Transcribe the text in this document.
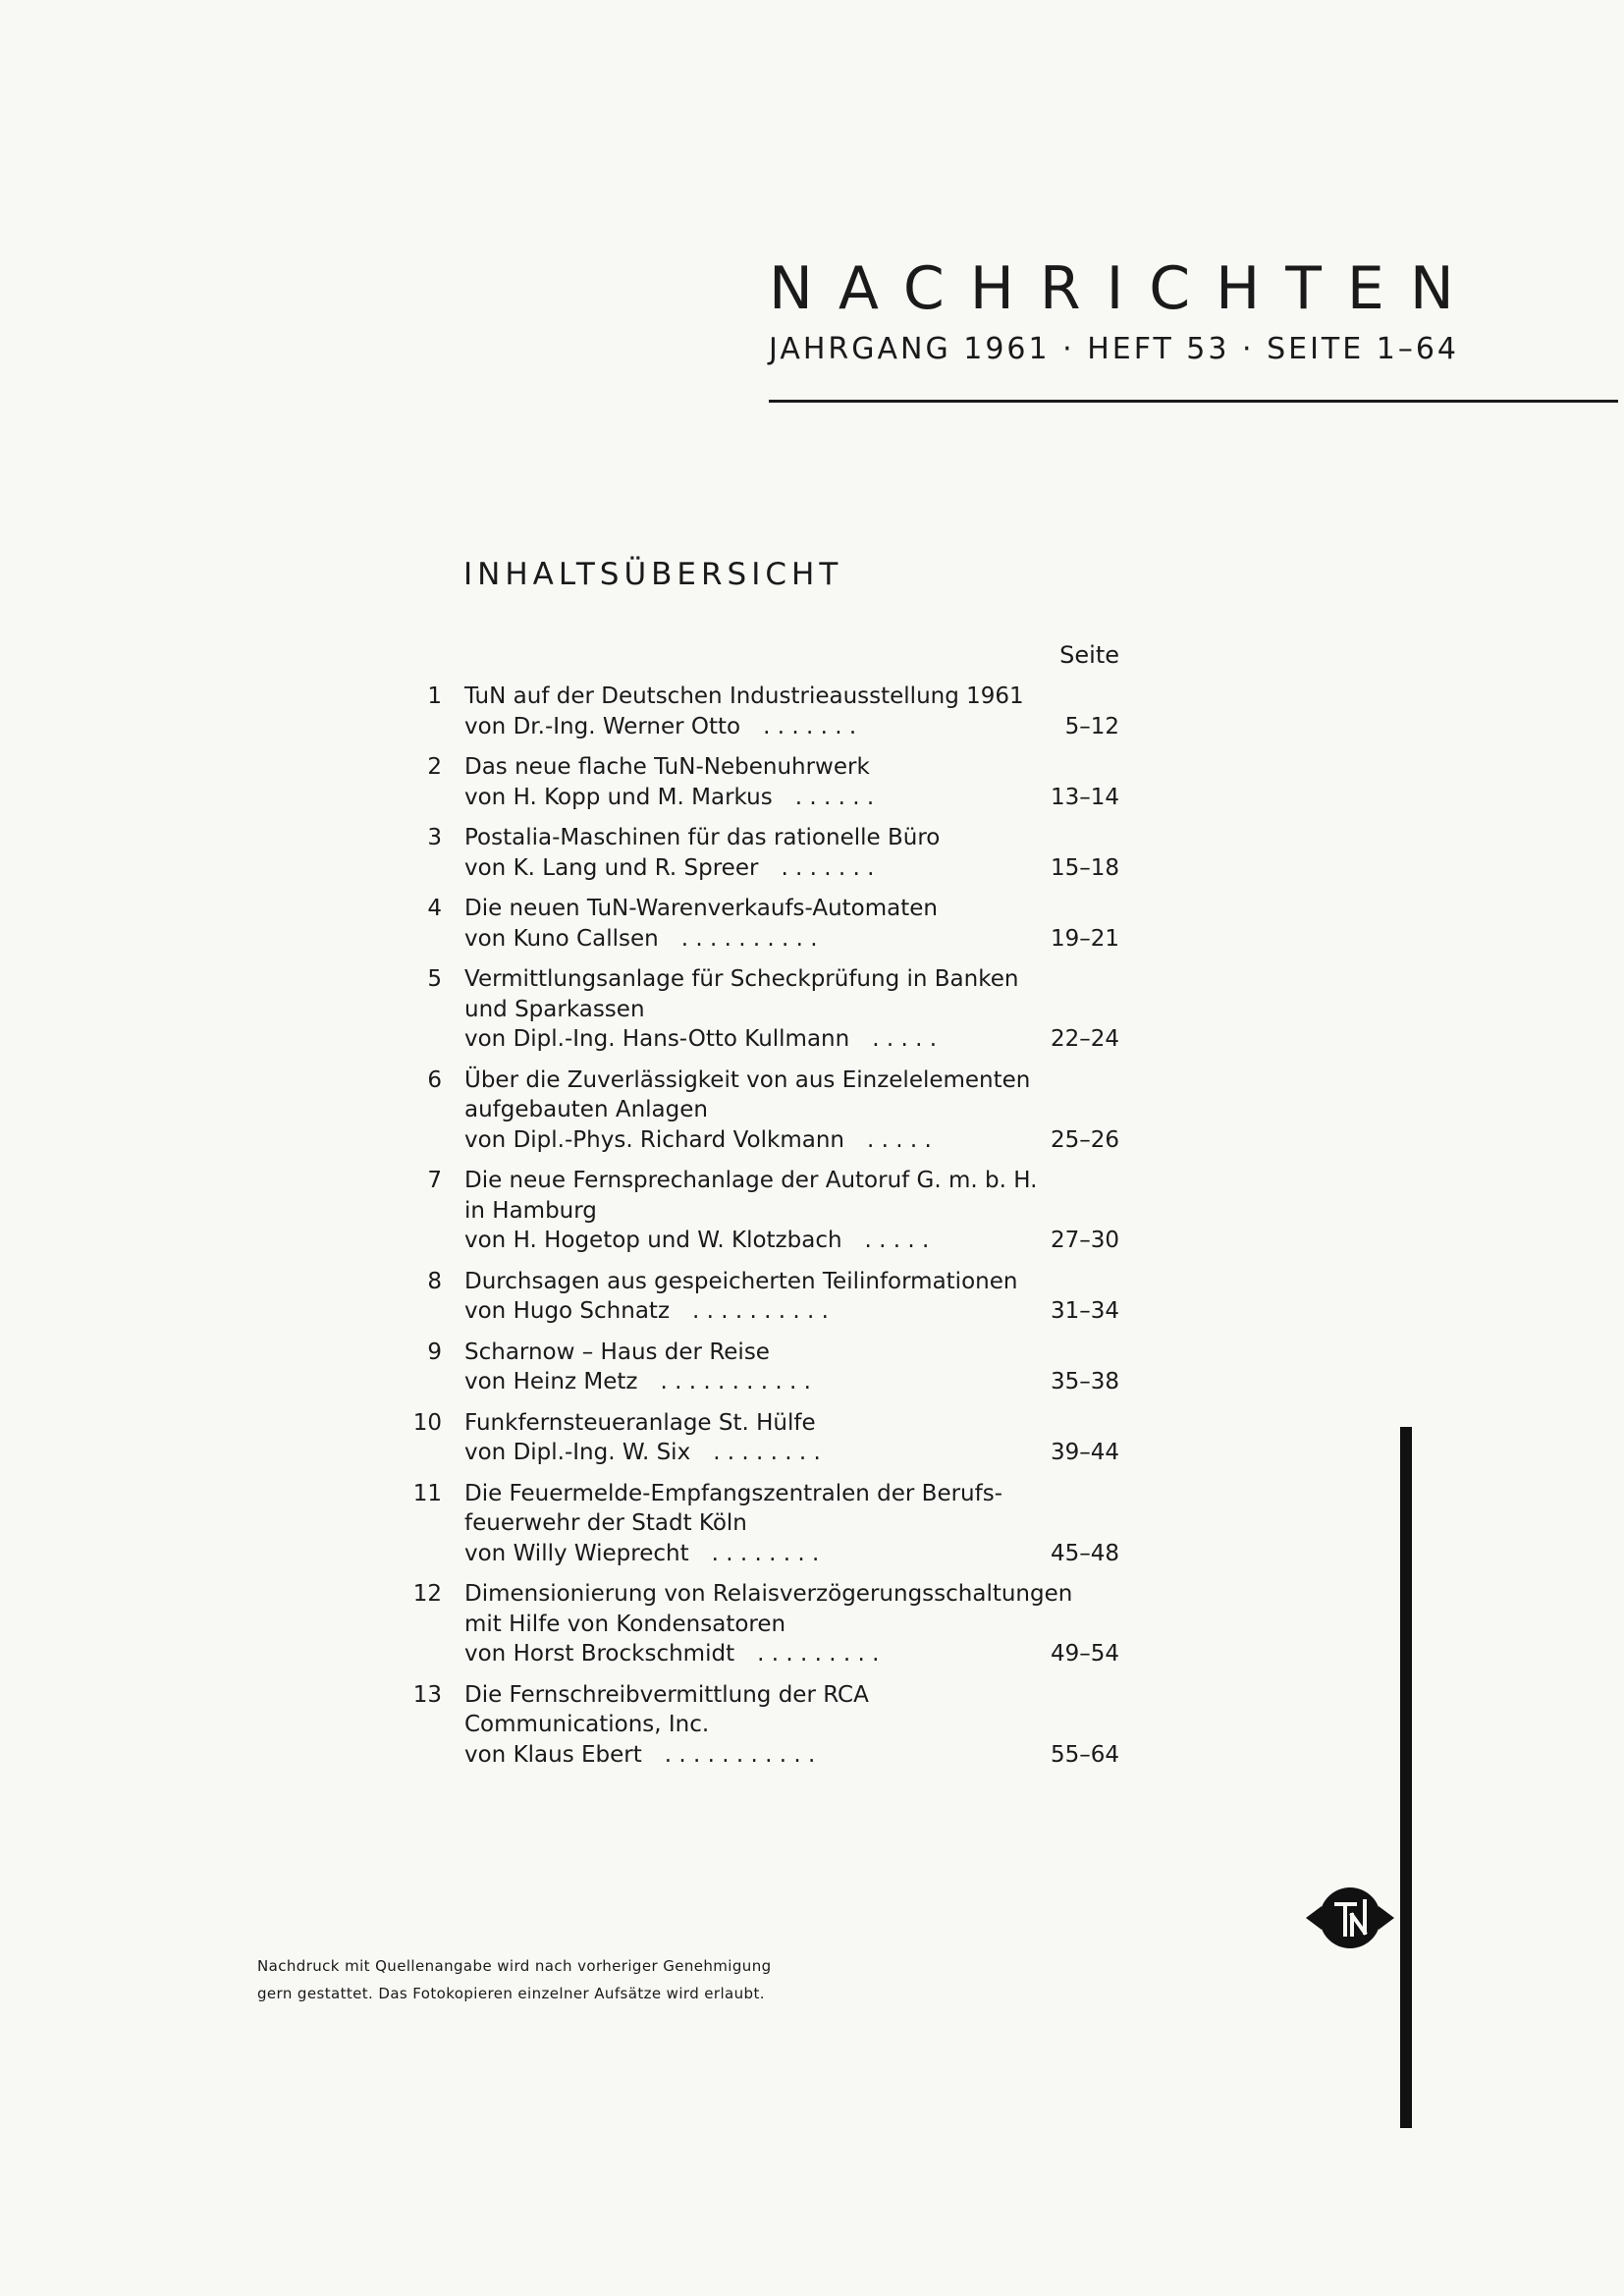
NACHRICHTEN
JAHRGANG 1961 · HEFT 53 · SEITE 1–64
INHALTSÜBERSICHT
Seite
1	TuN auf der Deutschen Industrieausstellung 1961
von Dr.-Ing. Werner Otto  . . . . . . .	5–12
2	Das neue flache TuN-Nebenuhrwerk
von H. Kopp und M. Markus  . . . . . .	13–14
3	Postalia-Maschinen für das rationelle Büro
von K. Lang und R. Spreer  . . . . . . .	15–18
4	Die neuen TuN-Warenverkaufs-Automaten
von Kuno Callsen  . . . . . . . . . .	19–21
5	Vermittlungsanlage für Scheckprüfung in Banken
und Sparkassen
von Dipl.-Ing. Hans-Otto Kullmann  . . . . .	22–24
6	Über die Zuverlässigkeit von aus Einzelelementen
aufgebauten Anlagen
von Dipl.-Phys. Richard Volkmann  . . . . .	25–26
7	Die neue Fernsprechanlage der Autoruf G. m. b. H.
in Hamburg
von H. Hogetop und W. Klotzbach  . . . . .	27–30
8	Durchsagen aus gespeicherten Teilinformationen
von Hugo Schnatz  . . . . . . . . . .	31–34
9	Scharnow – Haus der Reise
von Heinz Metz  . . . . . . . . . . .	35–38
10	Funkfernsteueranlage St. Hülfe
von Dipl.-Ing. W. Six  . . . . . . . .	39–44
11	Die Feuermelde-Empfangszentralen der Berufs-
feuerwehr der Stadt Köln
von Willy Wieprecht  . . . . . . . .	45–48
12	Dimensionierung von Relaisverzögerungsschaltungen
mit Hilfe von Kondensatoren
von Horst Brockschmidt  . . . . . . . . .	49–54
13	Die Fernschreibvermittlung der RCA
Communications, Inc.
von Klaus Ebert  . . . . . . . . . . .	55–64
Nachdruck mit Quellenangabe wird nach vorheriger Genehmigung
gern gestattet. Das Fotokopieren einzelner Aufsätze wird erlaubt.
